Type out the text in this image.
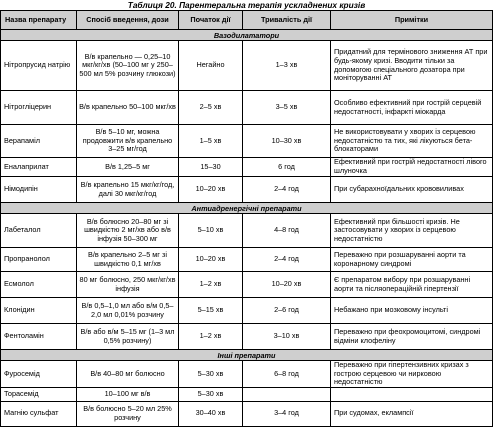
Таблиця 20. Парентеральна терапія ускладнених кризів
Назва препарату	Спосіб введення, дози	Початок дії	Тривалість дії	Примітки
Вазодилататори				
Нітропрусид натрію	В/в крапельно — 0,25–10 мкг/кг/хв (50–100 мг у 250–500 мл 5% розчину глюкози)	Негайно	1–3 хв	Придатний для термінового зниження АТ при будь-якому кризі. Вводити тільки за допомогою спеціального дозатора при моніторуванні АТ
Нітрогліцерин	В/в крапельно 50–100 мкг/хв	2–5 хв	3–5 хв	Особливо ефективний при гострій серцевій недостатності, інфаркті міокарда
Верапаміл	В/в 5–10 мг, можна продовжити в/в крапельно 3–25 мг/год	1–5 хв	10–30 хв	Не використовувати у хворих із серцевою недостатністю та тих, які лікуються бета-блокаторами
Еналаприлат	В/в 1,25–5 мг	15–30	6 год	Ефективний при гострій недостатності лівого шлуночка
Німодипін	В/в крапельно 15 мкг/кг/год, далі 30 мкг/кг/год	10–20 хв	2–4 год	При субарахноїдальних крововиливах
Антиадренергічні препарати				
Лабеталол	В/в болюсно 20–80 мг зі швидкістю 2 мг/хв або в/в інфузія 50–300 мг	5–10 хв	4–8 год	Ефективний при більшості кризів. Не застосовувати у хворих із серцевою недостатністю
Пропранолол	В/в крапельно 2–5 мг зі швидкістю 0,1 мг/хв	10–20 хв	2–4 год	Переважно при розшаруванні аорти та коронарному синдромі
Есмолол	80 мг болюсно, 250 мкг/кг/хв інфузія	1–2 хв	10–20 хв	Є препаратом вибору при розшаруванні аорти та післяопераційній гіпертензії
Клонідин	В/в 0,5–1,0 мл або в/м 0,5–2,0 мл 0,01% розчину	5–15 хв	2–6 год	Небажано при мозковому інсульті
Фентоламін	В/в або в/м 5–15 мг (1–3 мл 0,5% розчину)	1–2 хв	3–10 хв	Переважно при феохромоцитомі, синдромі відміни клофеліну
Інші препарати				
Фуросемід	В/в 40–80 мг болюсно	5–30 хв	6–8 год	Переважно при гіпертензивних кризах з гострою серцевою чи нирковою недостатністю
Торасемід	10–100 мг в/в	5–30 хв		
Магнію сульфат	В/в болюсно 5–20 мл 25% розчину	30–40 хв	3–4 год	При судомах, еклампсії
